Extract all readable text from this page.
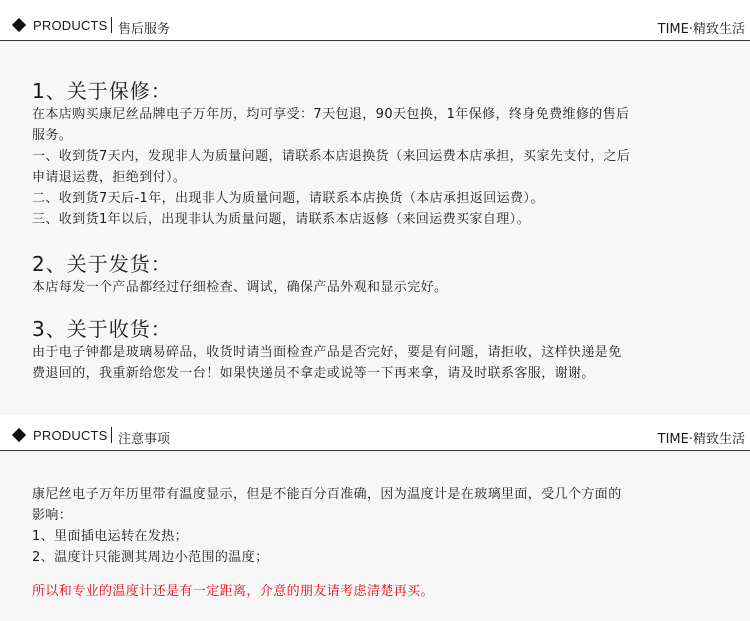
PRODUCTS 售后服务	TIME·精致生活
1、关于保修：

在本店购买康尼丝品牌电子万年历，均可享受：7天包退，90天包换，1年保修，终身免费维修的售后

服务。

一、收到货7天内，发现非人为质量问题，请联系本店退换货（来回运费本店承担，买家先支付，之后

申请退运费，拒绝到付）。

二、收到货7天后-1年，出现非人为质量问题，请联系本店换货（本店承担返回运费）。

三、收到货1年以后，出现非认为质量问题，请联系本店返修（来回运费买家自理）。

2、关于发货：

本店每发一个产品都经过仔细检查、调试，确保产品外观和显示完好。

3、关于收货：

由于电子钟都是玻璃易碎品，收货时请当面检查产品是否完好，要是有问题，请拒收，这样快递是免

费退回的，我重新给您发一台！如果快递员不拿走或说等一下再来拿，请及时联系客服，谢谢。

PRODUCTS 注意事项	TIME·精致生活

康尼丝电子万年历里带有温度显示，但是不能百分百准确，因为温度计是在玻璃里面，受几个方面的

影响：

1、里面插电运转在发热；

2、温度计只能测其周边小范围的温度；

所以和专业的温度计还是有一定距离，介意的朋友请考虑清楚再买。
